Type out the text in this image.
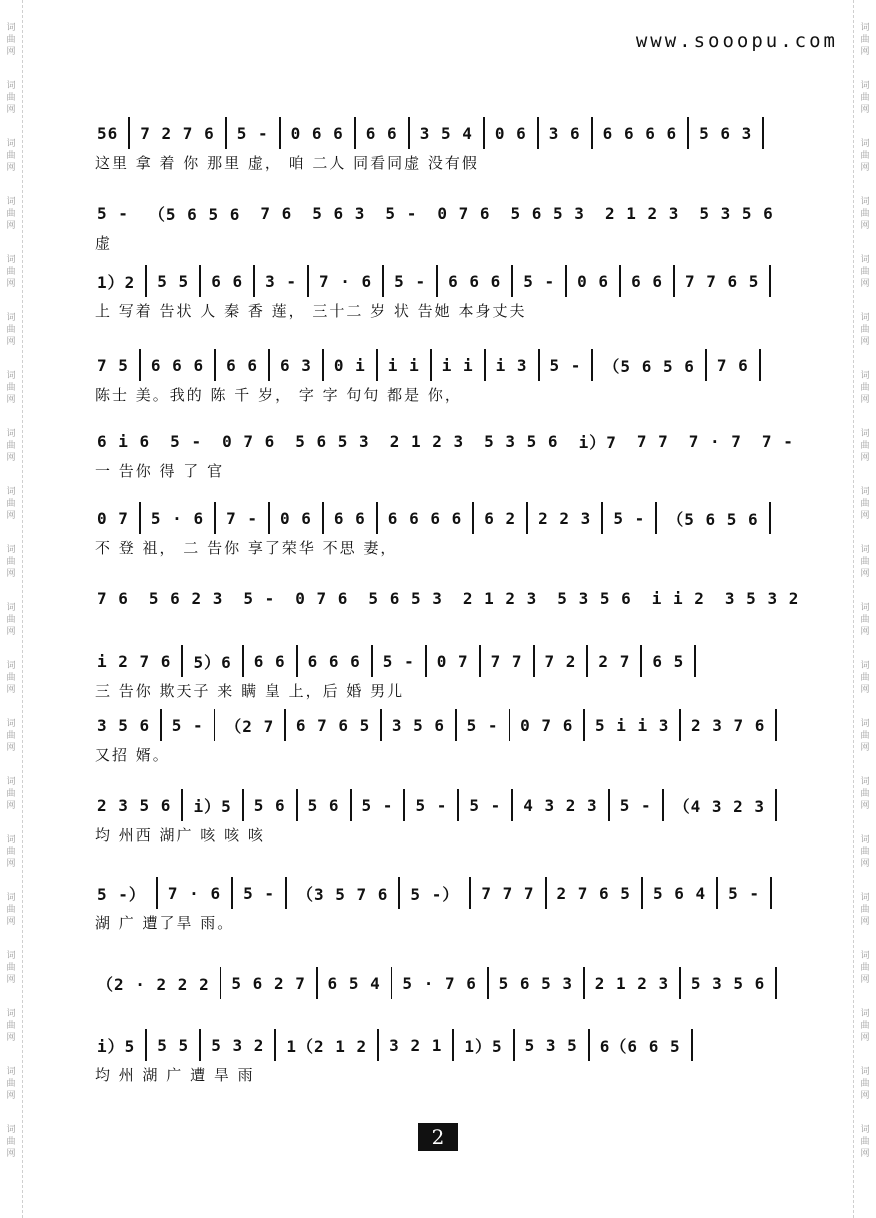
词
曲
网
词
曲
网
词
曲
网
词
曲
网
词
曲
网
词
曲
网
词
曲
网
词
曲
网
词
曲
网
词
曲
网
词
曲
网
词
曲
网
词
曲
网
词
曲
网
词
曲
网
词
曲
网
词
曲
网
词
曲
网
词
曲
网
词
曲
网
词
曲
网
词
曲
网
词
曲
网
词
曲
网
词
曲
网
词
曲
网
词
曲
网
词
曲
网
词
曲
网
词
曲
网
词
曲
网
词
曲
网
词
曲
网
词
曲
网
词
曲
网
词
曲
网
词
曲
网
词
曲
网
词
曲
网
词
曲
网
www.sooopu.com
56 7 2 7 6 5 - 0 6 6 6 6 3 5 4 0 6 3 6 6 6 6 6 5 6 3
这里 拿 着 你 那里 虚， 咱 二人 同看同虚 没有假
5 - （5 6 5 6 7 6 5 6 3 5 - 0 7 6 5 6 5 3 2 1 2 3 5 3 5 6
虚
1）2 5 5 6 6 3 - 7 · 6 5 - 6 6 6 5 - 0 6 6 6 7 7 6 5
上 写着 告状 人 秦 香 莲， 三十二 岁 状 告她 本身丈夫
7 5 6 6 6 6 6 6 3 0 i i i i i i 3 5 - （5 6 5 6 7 6
陈士 美。我的 陈 千 岁， 字 字 句句 都是 你，
6 i 6 5 - 0 7 6 5 6 5 3 2 1 2 3 5 3 5 6 i）7 7 7 7 · 7 7 -
一 告你 得 了 官
0 7 5 · 6 7 - 0 6 6 6 6 6 6 6 6 2 2 2 3 5 - （5 6 5 6
不 登 祖， 二 告你 享了荣华 不思 妻，
7 6 5 6 2 3 5 - 0 7 6 5 6 5 3 2 1 2 3 5 3 5 6 i i 2 3 5 3 2
i 2 7 6 5）6 6 6 6 6 6 5 - 0 7 7 7 7 2 2 7 6 5
三 告你 欺天子 来 瞒 皇 上，后 婚 男儿
3 5 6 5 - （2 7 6 7 6 5 3 5 6 5 - 0 7 6 5 i i 3 2 3 7 6
又招 婿。
2 3 5 6 i）5 5 6 5 6 5 - 5 - 5 - 4 3 2 3 5 - （4 3 2 3
均 州西 湖广 咳 咳 咳
5 -） 7 · 6 5 - （3 5 7 6 5 -） 7 7 7 2 7 6 5 5 6 4 5 -
湖 广 遭了旱 雨。
（2 · 2 2 2 5 6 2 7 6 5 4 5 · 7 6 5 6 5 3 2 1 2 3 5 3 5 6
i）5 5 5 5 3 2 1（2 1 2 3 2 1 1）5 5 3 5 6（6 6 5
均 州 湖 广 遭 旱 雨
2
